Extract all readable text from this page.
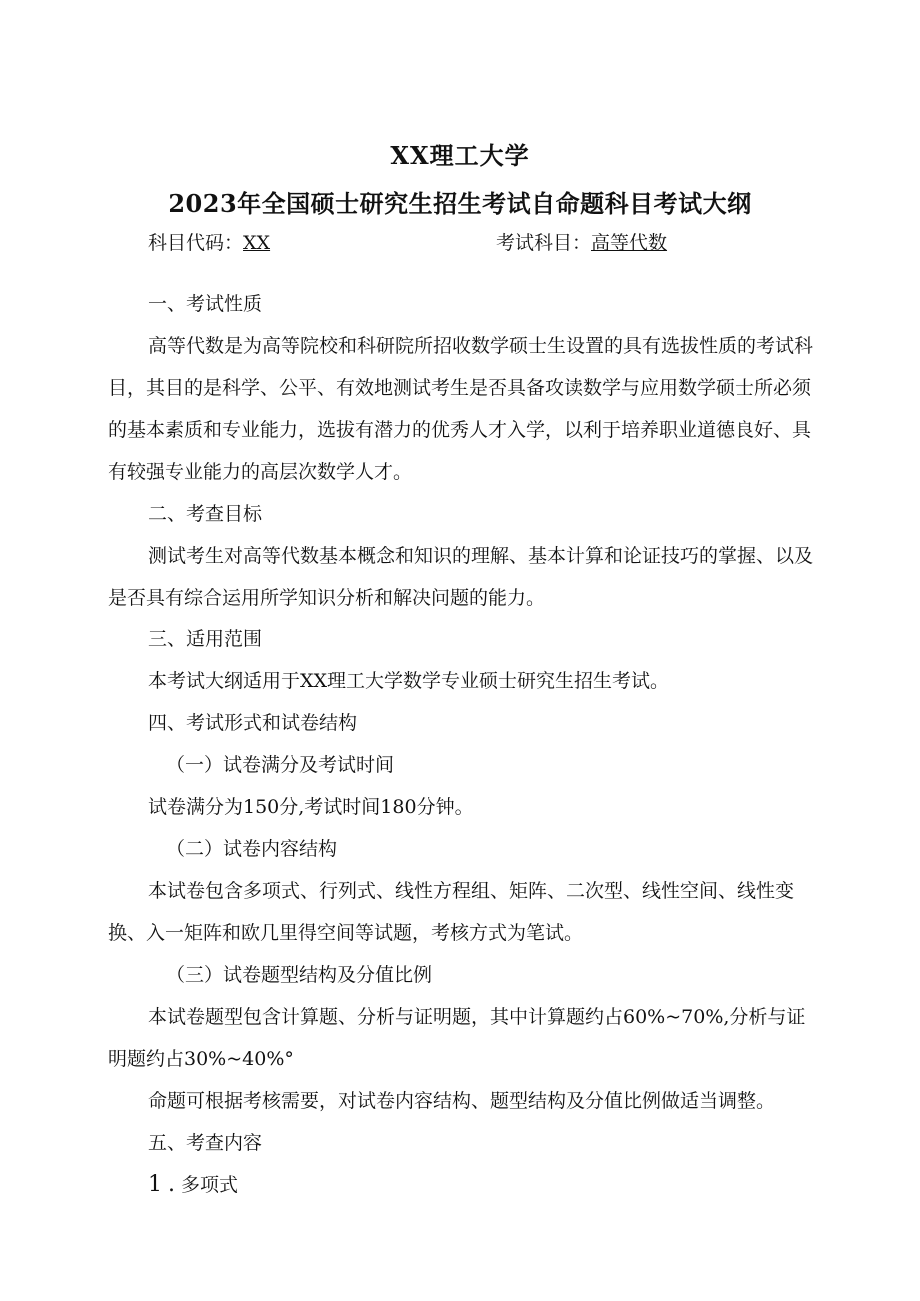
XX理工大学
2023年全国硕士研究生招生考试自命题科目考试大纲
科目代码：XX	考试科目：高等代数

一、考试性质

高等代数是为高等院校和科研院所招收数学硕士生设置的具有选拔性质的考试科目，其目的是科学、公平、有效地测试考生是否具备攻读数学与应用数学硕士所必须的基本素质和专业能力，选拔有潜力的优秀人才入学，以利于培养职业道德良好、具有较强专业能力的高层次数学人才。

二、考查目标

测试考生对高等代数基本概念和知识的理解、基本计算和论证技巧的掌握、以及是否具有综合运用所学知识分析和解决问题的能力。

三、适用范围

本考试大纲适用于XX理工大学数学专业硕士研究生招生考试。

四、考试形式和试卷结构

（一）试卷满分及考试时间

试卷满分为150分,考试时间180分钟。

（二）试卷内容结构

本试卷包含多项式、行列式、线性方程组、矩阵、二次型、线性空间、线性变换、入一矩阵和欧几里得空间等试题，考核方式为笔试。

（三）试卷题型结构及分值比例

本试卷题型包含计算题、分析与证明题，其中计算题约占60%~70%,分析与证明题约占30%~40%°

命题可根据考核需要，对试卷内容结构、题型结构及分值比例做适当调整。

五、考查内容

1.多项式
